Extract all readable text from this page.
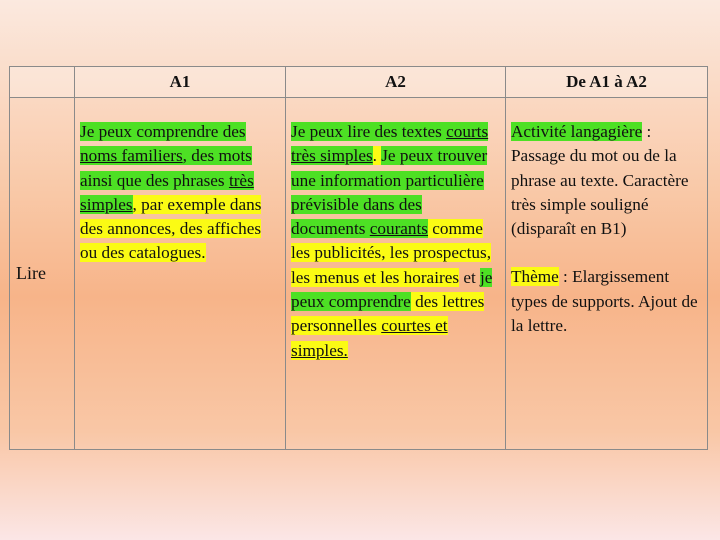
	A1	A2	De A1 à A2
Lire	Je peux comprendre des noms familiers, des mots ainsi que des phrases très simples, par exemple dans des annonces, des affiches ou des catalogues.	Je peux lire des textes courts très simples. Je peux trouver une information particulière prévisible dans des documents courants comme les publicités, les prospectus, les menus et les horaires et je peux comprendre des lettres personnelles courtes et simples.	Activité langagière : Passage du mot ou de la phrase au texte. Caractère très simple souligné (disparaît en B1)
Thème : Elargissement types de supports. Ajout de la lettre.
